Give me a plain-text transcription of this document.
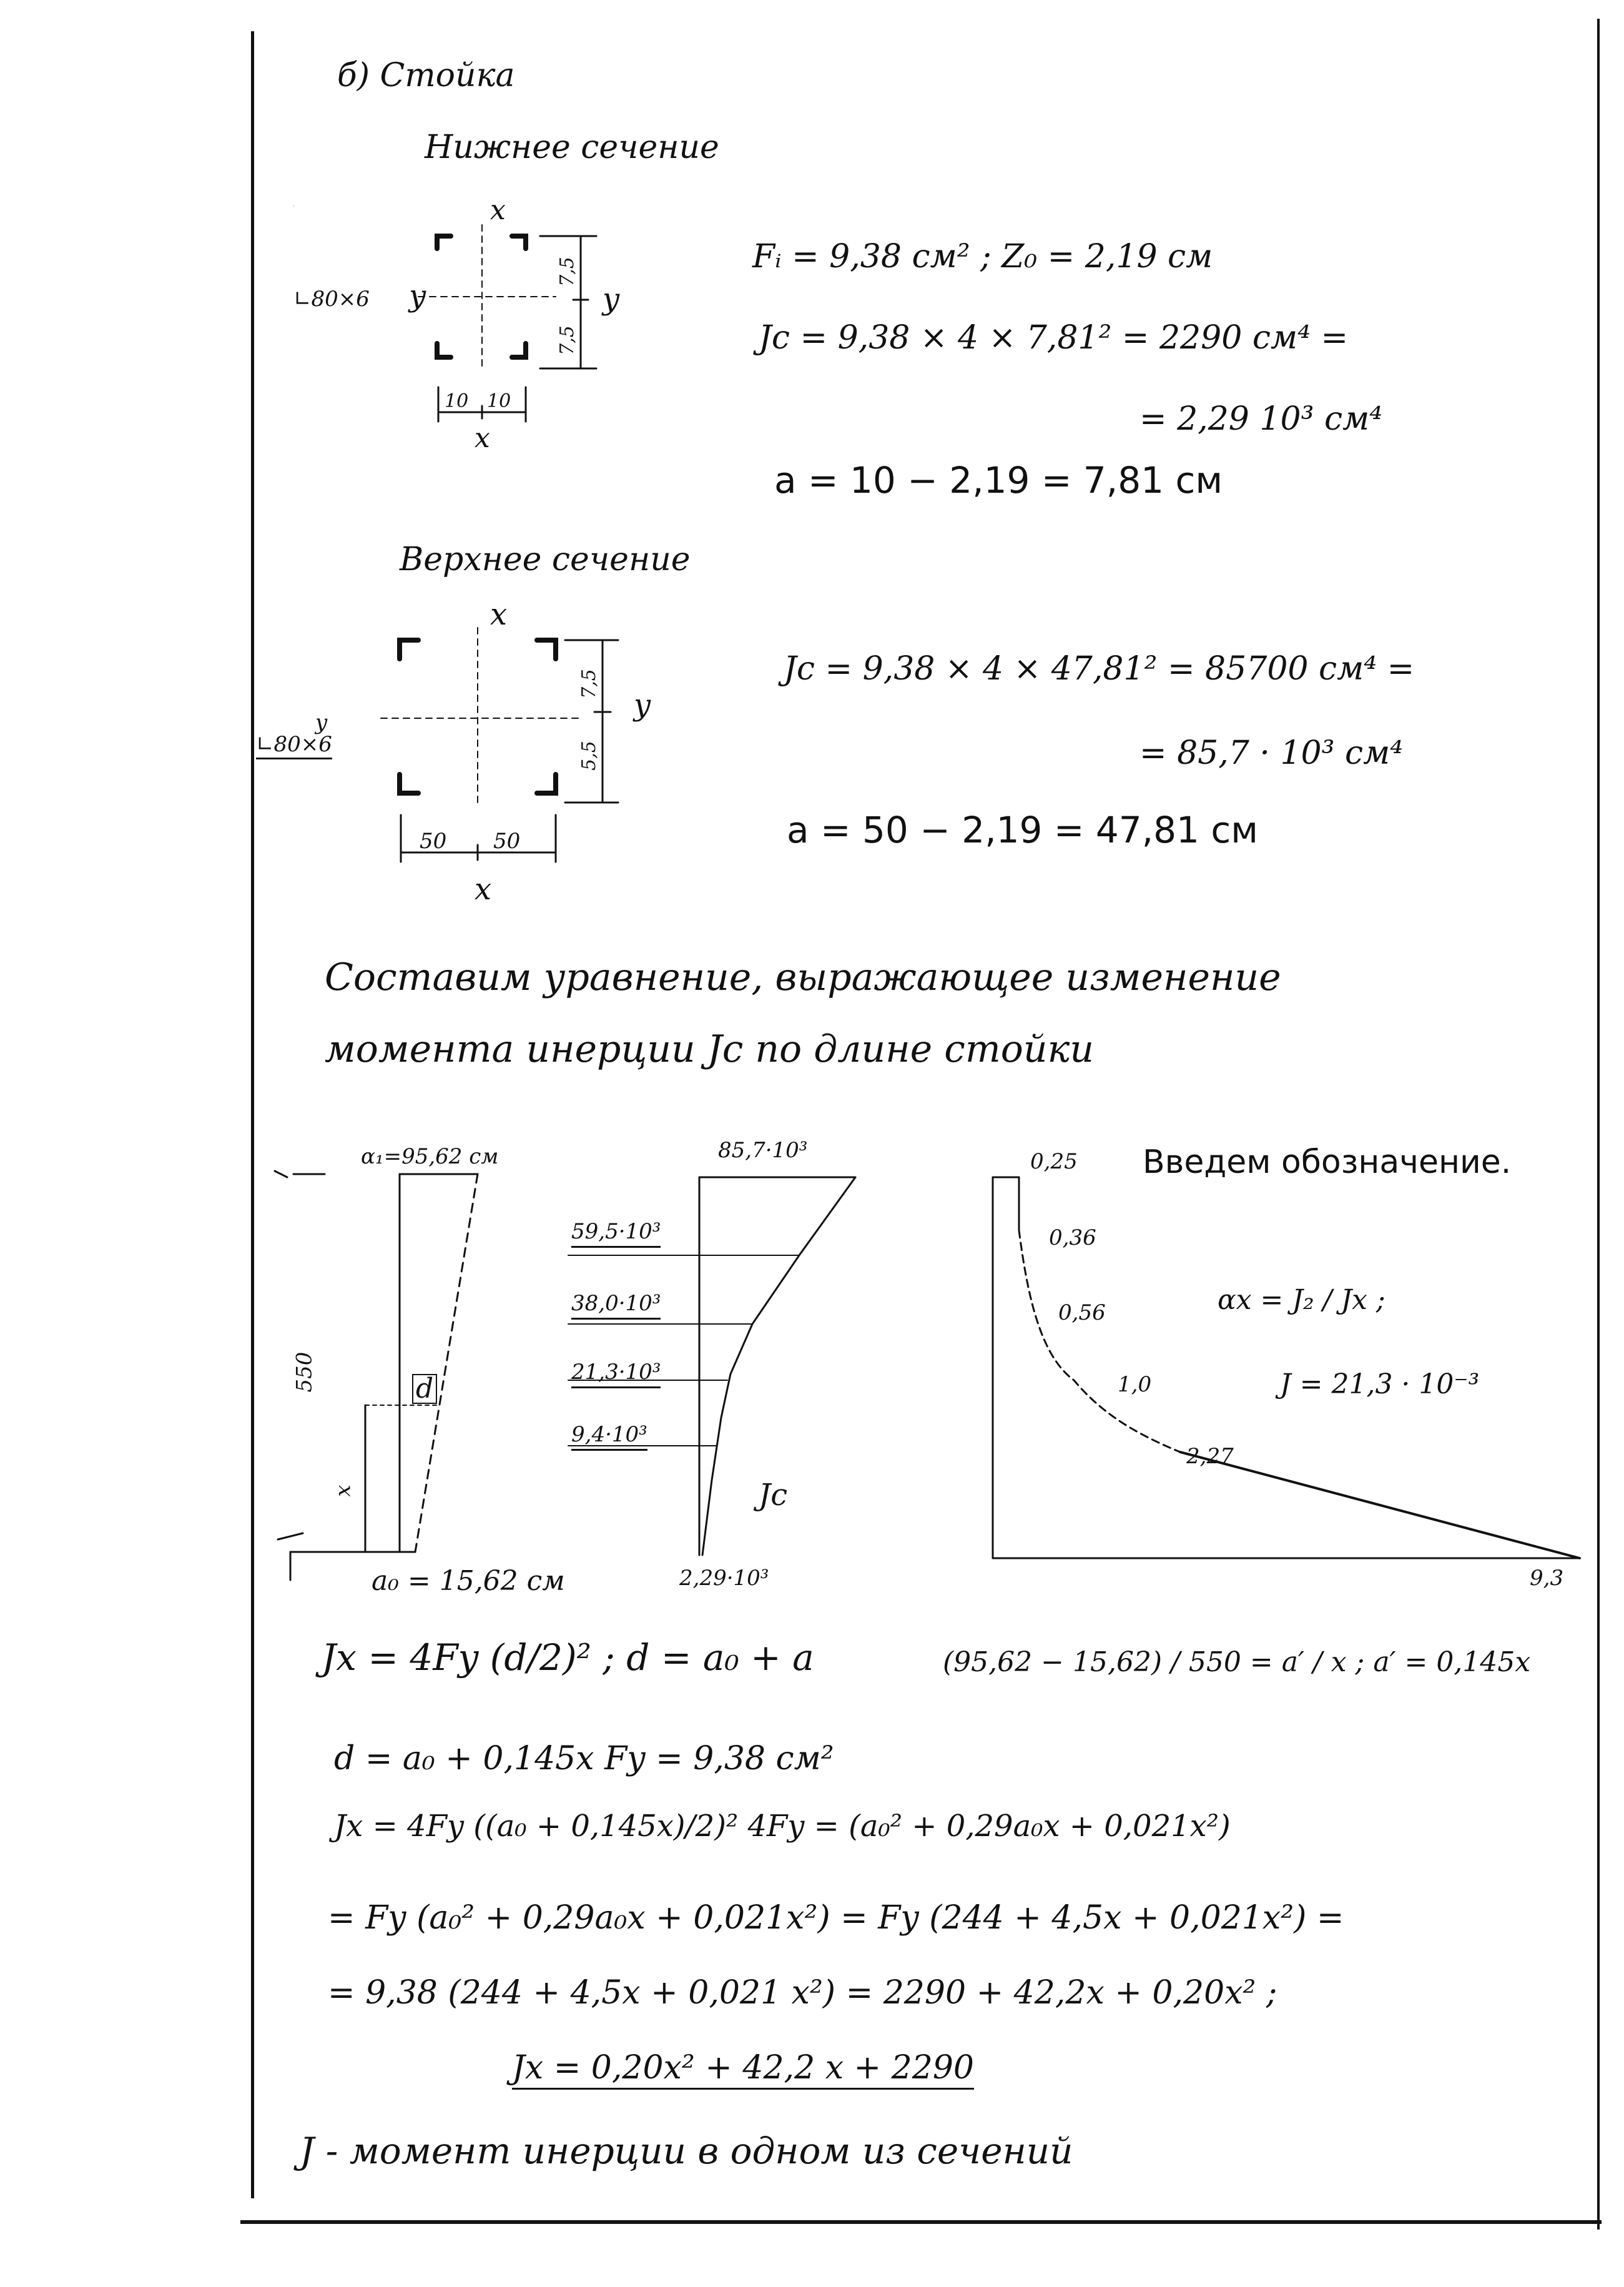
б) Стойка
Нижнее сечение
x
x
y	y
∟80×6
7,5
7,5
10 10
Fᵢ = 9,38 см² ; Z₀ = 2,19 см
Jc = 9,38 × 4 × 7,81² = 2290 см⁴ =
= 2,29 10³ см⁴
a = 10 − 2,19 = 7,81 см
Верхнее сечение
x
x
y
y
∟80×6
7,5
5,5
50 50
Jc = 9,38 × 4 × 47,81² = 85700 см⁴ =
= 85,7 · 10³ см⁴
a = 50 − 2,19 = 47,81 см
Составим уравнение, выражающее изменение
момента инерции Jc по длине стойки
α₁=95,62 см
550
x
d
a₀ = 15,62 см
85,7·10³
59,5·10³
38,0·10³
21,3·10³
9,4·10³
Jc
2,29·10³
0,25
0,36
0,56
1,0
2,27
9,3
Введем обозначение.
αx = J₂ / Jx ;
J = 21,3 · 10⁻³
Jx = 4Fy (d/2)² ; d = a₀ + a	(95,62 − 15,62) / 550 = a′ / x ; a′ = 0,145x
d = a₀ + 0,145x Fy = 9,38 см²
Jx = 4Fy ((a₀ + 0,145x)/2)² 4Fy = (a₀² + 0,29a₀x + 0,021x²)
= Fy (a₀² + 0,29a₀x + 0,021x²) = Fy (244 + 4,5x + 0,021x²) =
= 9,38 (244 + 4,5x + 0,021 x²) = 2290 + 42,2x + 0,20x² ;
Jx = 0,20x² + 42,2 x + 2290
J - момент инерции в одном из сечений
